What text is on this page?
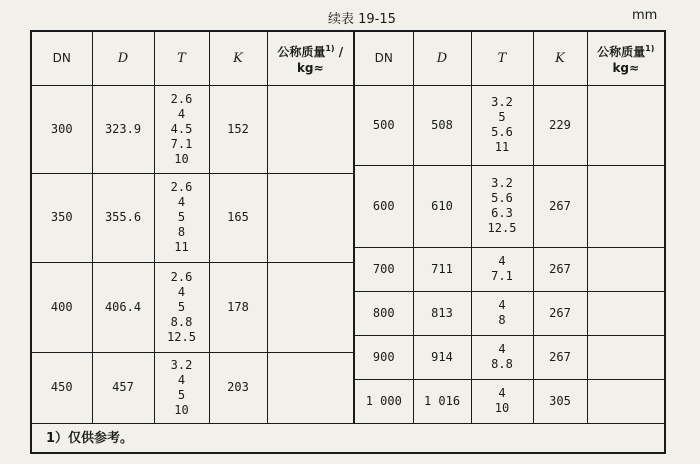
续表 19-15	mm
DN	D	T	K	公称质量$^{1)}$ /
kg≈

300	323.9	2.6
4
4.5
7.1
10	152	
350	355.6	2.6
4
5
8
11	165	
400	406.4	2.6
4
5
8.8
12.5	178	
450	457	3.2
4
5
10	203	
DN	D	T	K	公称质量$^{1)}$
kg≈

500	508	3.2
5
5.6
11	229	
600	610	3.2
5.6
6.3
12.5	267	
700	711	4
7.1	267	
800	813	4
8	267	
900	914	4
8.8	267	
1 000	1 016	4
10	305	
1）仅供参考。
